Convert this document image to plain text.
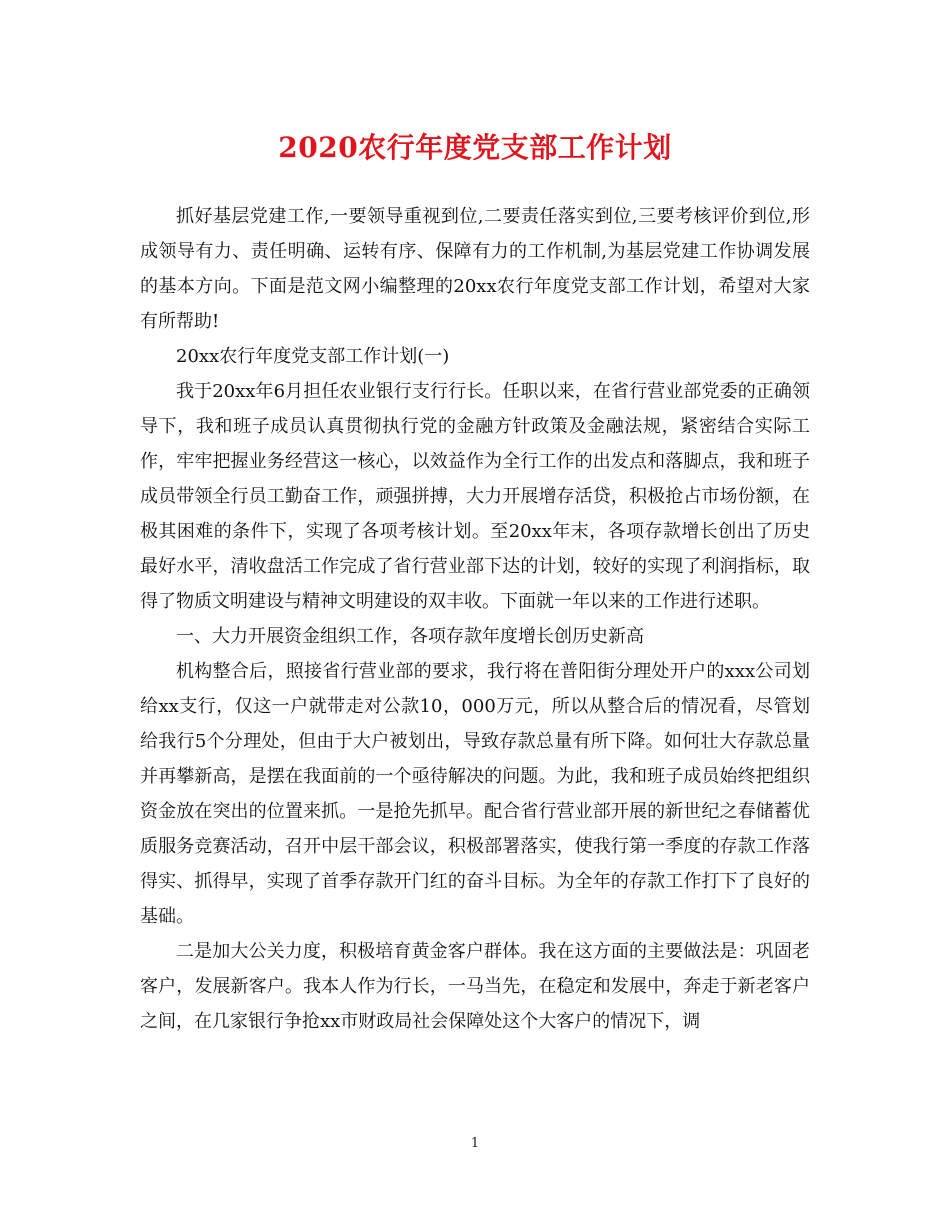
2020农行年度党支部工作计划

抓好基层党建工作,一要领导重视到位,二要责任落实到位,三要考核评价到位,形成领导有力、责任明确、运转有序、保障有力的工作机制,为基层党建工作协调发展的基本方向。下面是范文网小编整理的20xx农行年度党支部工作计划，希望对大家有所帮助!

20xx农行年度党支部工作计划(一)

我于20xx年6月担任农业银行支行行长。任职以来，在省行营业部党委的正确领导下，我和班子成员认真贯彻执行党的金融方针政策及金融法规，紧密结合实际工作，牢牢把握业务经营这一核心，以效益作为全行工作的出发点和落脚点，我和班子成员带领全行员工勤奋工作，顽强拼搏，大力开展增存活贷，积极抢占市场份额，在极其困难的条件下，实现了各项考核计划。至20xx年末，各项存款增长创出了历史最好水平，清收盘活工作完成了省行营业部下达的计划，较好的实现了利润指标，取得了物质文明建设与精神文明建设的双丰收。下面就一年以来的工作进行述职。

一、大力开展资金组织工作，各项存款年度增长创历史新高

机构整合后，照接省行营业部的要求，我行将在普阳街分理处开户的xxx公司划给xx支行，仅这一户就带走对公款10，000万元，所以从整合后的情况看，尽管划给我行5个分理处，但由于大户被划出，导致存款总量有所下降。如何壮大存款总量并再攀新高，是摆在我面前的一个亟待解决的问题。为此，我和班子成员始终把组织资金放在突出的位置来抓。一是抢先抓早。配合省行营业部开展的新世纪之春储蓄优质服务竞赛活动，召开中层干部会议，积极部署落实，使我行第一季度的存款工作落得实、抓得早，实现了首季存款开门红的奋斗目标。为全年的存款工作打下了良好的基础。

二是加大公关力度，积极培育黄金客户群体。我在这方面的主要做法是：巩固老客户，发展新客户。我本人作为行长，一马当先，在稳定和发展中，奔走于新老客户之间，在几家银行争抢xx市财政局社会保障处这个大客户的情况下，调

1
